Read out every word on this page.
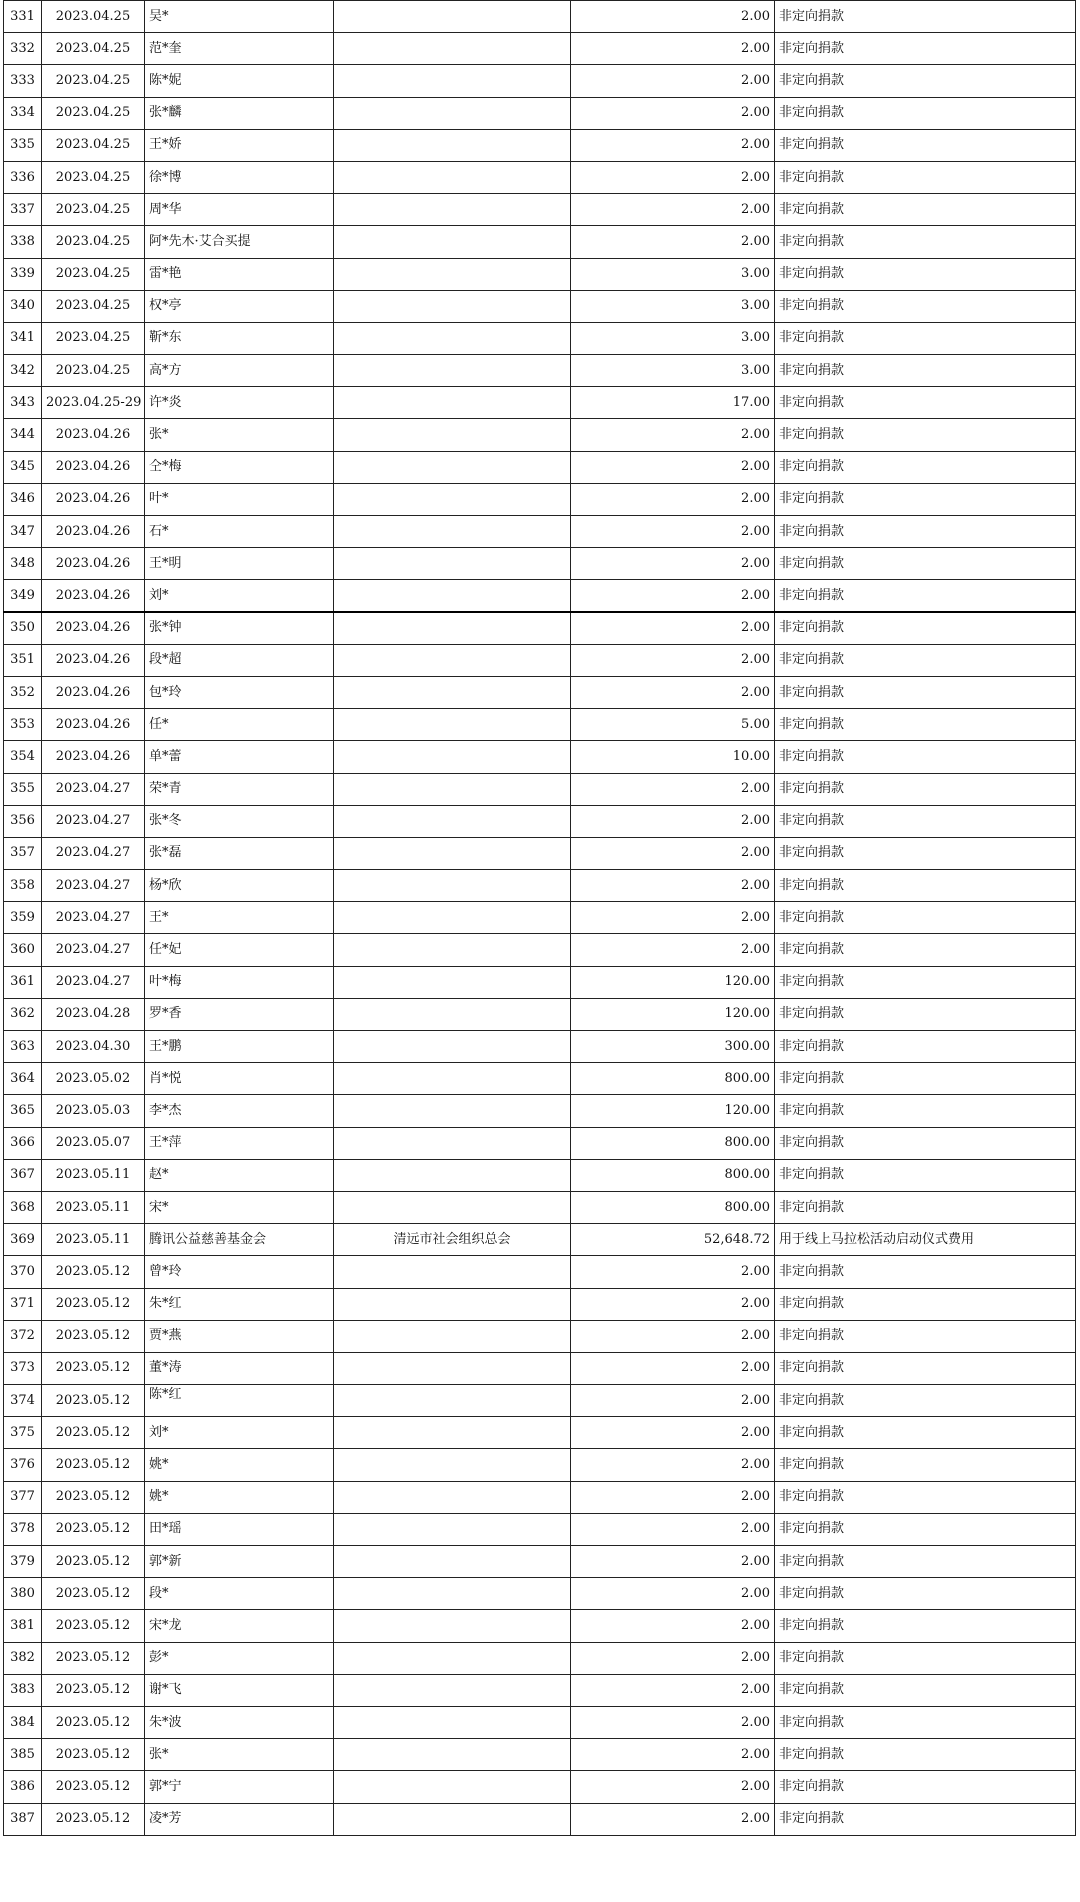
331	2023.04.25	吴*		2.00	非定向捐款
332	2023.04.25	范*奎		2.00	非定向捐款
333	2023.04.25	陈*妮		2.00	非定向捐款
334	2023.04.25	张*麟		2.00	非定向捐款
335	2023.04.25	王*娇		2.00	非定向捐款
336	2023.04.25	徐*博		2.00	非定向捐款
337	2023.04.25	周*华		2.00	非定向捐款
338	2023.04.25	阿*先木·艾合买提		2.00	非定向捐款
339	2023.04.25	雷*艳		3.00	非定向捐款
340	2023.04.25	权*亭		3.00	非定向捐款
341	2023.04.25	靳*东		3.00	非定向捐款
342	2023.04.25	高*方		3.00	非定向捐款
343	2023.04.25-29	许*炎		17.00	非定向捐款
344	2023.04.26	张*		2.00	非定向捐款
345	2023.04.26	仝*梅		2.00	非定向捐款
346	2023.04.26	叶*		2.00	非定向捐款
347	2023.04.26	石*		2.00	非定向捐款
348	2023.04.26	王*明		2.00	非定向捐款
349	2023.04.26	刘*		2.00	非定向捐款
350	2023.04.26	张*钟		2.00	非定向捐款
351	2023.04.26	段*超		2.00	非定向捐款
352	2023.04.26	包*玲		2.00	非定向捐款
353	2023.04.26	任*		5.00	非定向捐款
354	2023.04.26	单*蕾		10.00	非定向捐款
355	2023.04.27	荣*青		2.00	非定向捐款
356	2023.04.27	张*冬		2.00	非定向捐款
357	2023.04.27	张*磊		2.00	非定向捐款
358	2023.04.27	杨*欣		2.00	非定向捐款
359	2023.04.27	王*		2.00	非定向捐款
360	2023.04.27	任*妃		2.00	非定向捐款
361	2023.04.27	叶*梅		120.00	非定向捐款
362	2023.04.28	罗*香		120.00	非定向捐款
363	2023.04.30	王*鹏		300.00	非定向捐款
364	2023.05.02	肖*悦		800.00	非定向捐款
365	2023.05.03	李*杰		120.00	非定向捐款
366	2023.05.07	王*萍		800.00	非定向捐款
367	2023.05.11	赵*		800.00	非定向捐款
368	2023.05.11	宋*		800.00	非定向捐款
369	2023.05.11	腾讯公益慈善基金会	清远市社会组织总会	52,648.72	用于线上马拉松活动启动仪式费用
370	2023.05.12	曾*玲		2.00	非定向捐款
371	2023.05.12	朱*红		2.00	非定向捐款
372	2023.05.12	贾*燕		2.00	非定向捐款
373	2023.05.12	董*涛		2.00	非定向捐款
374	2023.05.12	陈*红		2.00	非定向捐款
375	2023.05.12	刘*		2.00	非定向捐款
376	2023.05.12	姚*		2.00	非定向捐款
377	2023.05.12	姚*		2.00	非定向捐款
378	2023.05.12	田*瑶		2.00	非定向捐款
379	2023.05.12	郭*新		2.00	非定向捐款
380	2023.05.12	段*		2.00	非定向捐款
381	2023.05.12	宋*龙		2.00	非定向捐款
382	2023.05.12	彭*		2.00	非定向捐款
383	2023.05.12	谢*飞		2.00	非定向捐款
384	2023.05.12	朱*波		2.00	非定向捐款
385	2023.05.12	张*		2.00	非定向捐款
386	2023.05.12	郭*宁		2.00	非定向捐款
387	2023.05.12	凌*芳		2.00	非定向捐款
